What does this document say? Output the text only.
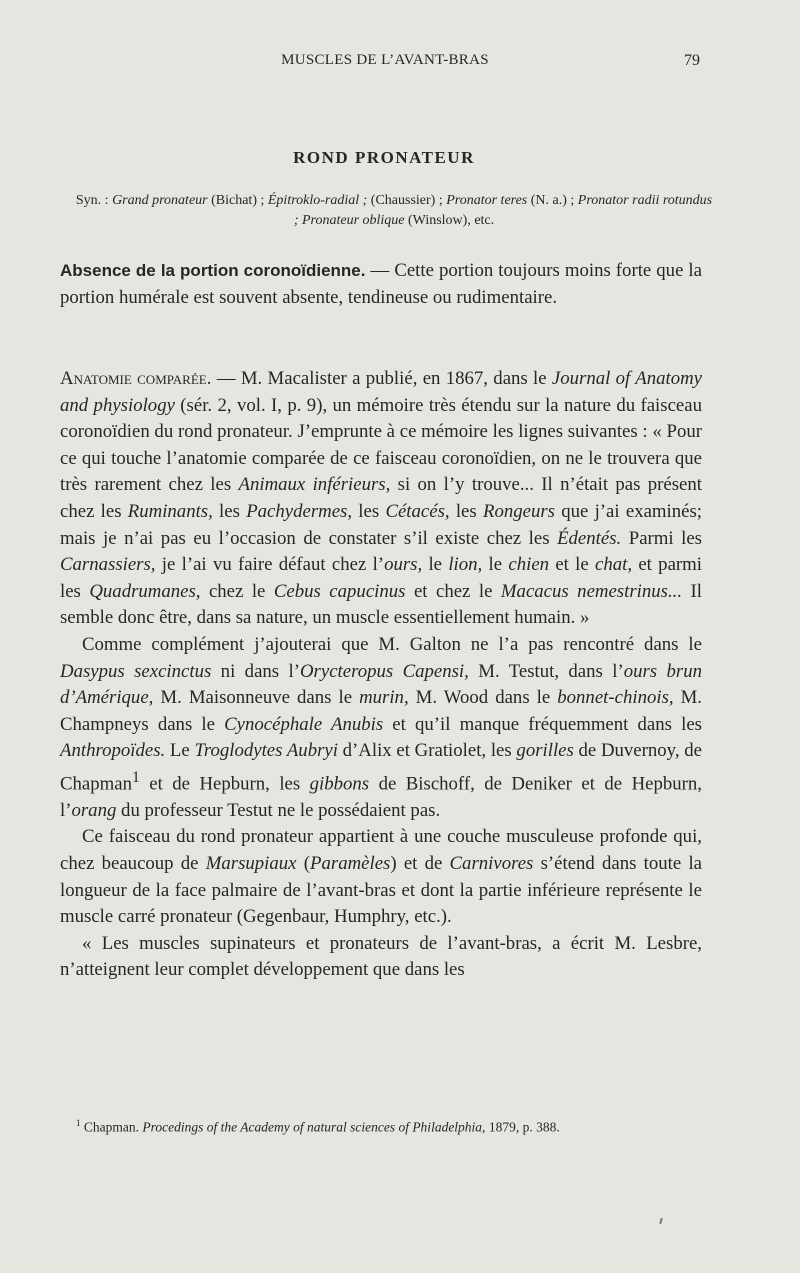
MUSCLES DE L’AVANT-BRAS	79
ROND PRONATEUR
Syn. : Grand pronateur (Bichat) ; Épitroklo-radial ; (Chaussier) ; Pronator teres (N. a.) ; Pronator radii rotundus ; Pronateur oblique (Winslow), etc.

Absence de la portion coronoïdienne. — Cette portion toujours moins forte que la portion humérale est souvent absente, tendineuse ou rudimentaire.

Anatomie comparée. — M. Macalister a publié, en 1867, dans le Journal of Anatomy and physiology (sér. 2, vol. I, p. 9), un mémoire très étendu sur la nature du faisceau coronoïdien du rond pronateur. J’emprunte à ce mémoire les lignes suivantes : « Pour ce qui touche l’anatomie comparée de ce faisceau coronoïdien, on ne le trouvera que très rarement chez les Animaux inférieurs, si on l’y trouve... Il n’était pas présent chez les Ruminants, les Pachydermes, les Cétacés, les Rongeurs que j’ai examinés; mais je n’ai pas eu l’occasion de constater s’il existe chez les Édentés. Parmi les Carnassiers, je l’ai vu faire défaut chez l’ours, le lion, le chien et le chat, et parmi les Quadrumanes, chez le Cebus capucinus et chez le Macacus nemestrinus... Il semble donc être, dans sa nature, un muscle essentiellement humain. »

Comme complément j’ajouterai que M. Galton ne l’a pas rencontré dans le Dasypus sexcinctus ni dans l’Orycteropus Capensi, M. Testut, dans l’ours brun d’Amérique, M. Maisonneuve dans le murin, M. Wood dans le bonnet-chinois, M. Champneys dans le Cynocéphale Anubis et qu’il manque fréquemment dans les Anthropoïdes. Le Troglodytes Aubryi d’Alix et Gratiolet, les gorilles de Duvernoy, de Chapman$^1$ et de Hepburn, les gibbons de Bischoff, de Deniker et de Hepburn, l’orang du professeur Testut ne le possédaient pas.

Ce faisceau du rond pronateur appartient à une couche musculeuse profonde qui, chez beaucoup de Marsupiaux (Paramèles) et de Carnivores s’étend dans toute la longueur de la face palmaire de l’avant-bras et dont la partie inférieure représente le muscle carré pronateur (Gegenbaur, Humphry, etc.).

« Les muscles supinateurs et pronateurs de l’avant-bras, a écrit M. Lesbre, n’atteignent leur complet développement que dans les

$^1$ Chapman. Procedings of the Academy of natural sciences of Philadelphia, 1879, p. 388.
